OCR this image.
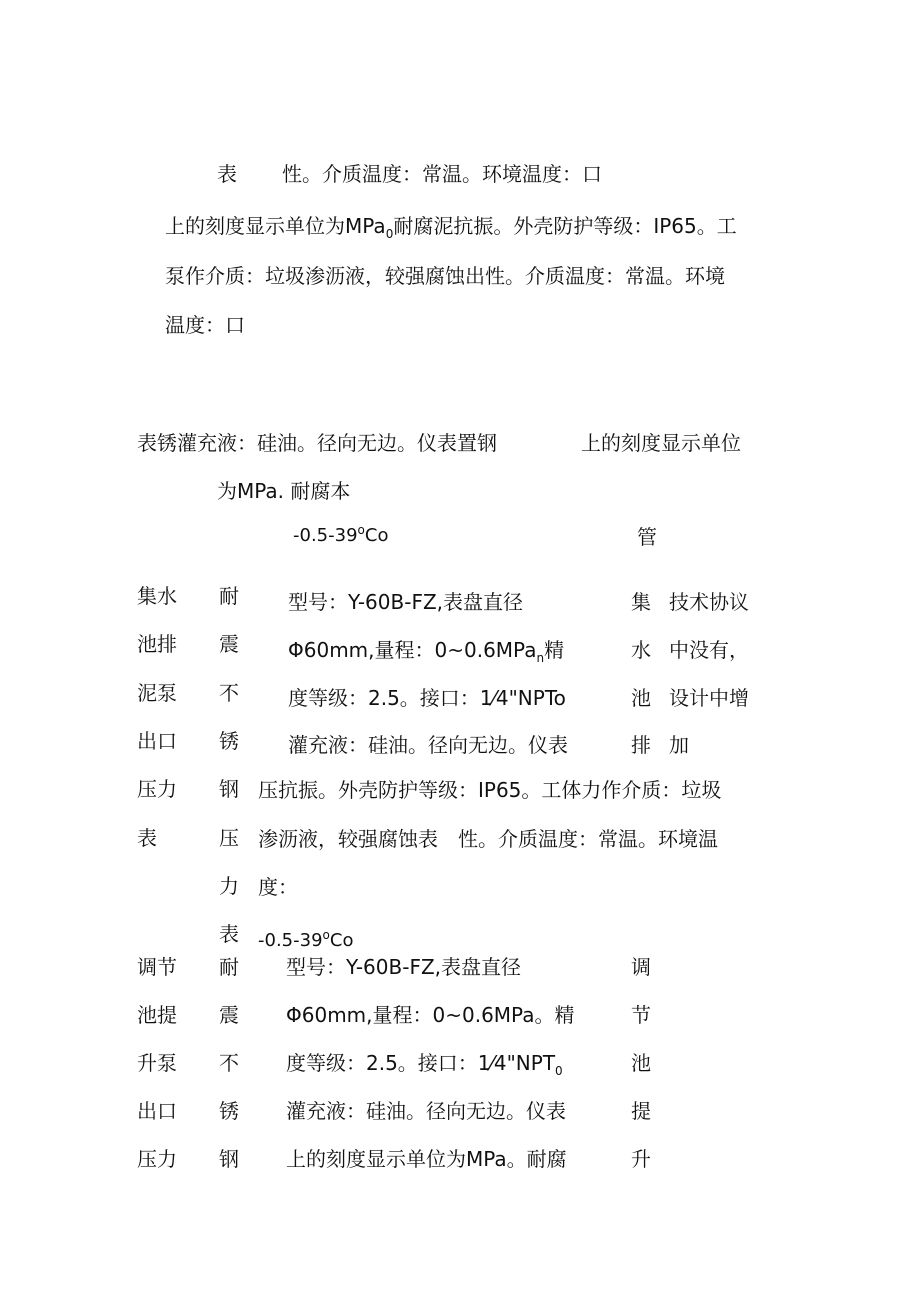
表 性。介质温度：常温。环境温度：口
上的刻度显示单位为MPa$_0$耐腐泥抗振。外壳防护等级：IP65。工
泵作介质：垃圾渗沥液，较强腐蚀出性。介质温度：常温。环境
温度：口
表锈灌充液：硅油。径向无边。仪表置钢	上的刻度显示单位
为MPa. 耐腐本
-0.5-39$^o$Co	管
集水
池排
泥泵
出口
压力
表
耐
震
不
锈
钢
压
力
表
型号：Y-60B-FZ,表盘直径
Φ60mm,量程：0~0.6MPa$_n$精
度等级：2.5。接口：1⁄4"NPTo
灌充液：硅油。径向无边。仪表
集
水
池
排
技术协议
中没有，
设计中增
加
压抗振。外壳防护等级：IP65。工体力作介质：垃圾
渗沥液，较强腐蚀表 性。介质温度：常温。环境温
度：
-0.5-39$^o$Co
调节
池提
升泵
出口
压力
耐
震
不
锈
钢
型号：Y-60B-FZ,表盘直径
Φ60mm,量程：0~0.6MPa。精
度等级：2.5。接口：$1⁄4"NPT_0$
灌充液：硅油。径向无边。仪表
上的刻度显示单位为MPa。耐腐
调
节
池
提
升
